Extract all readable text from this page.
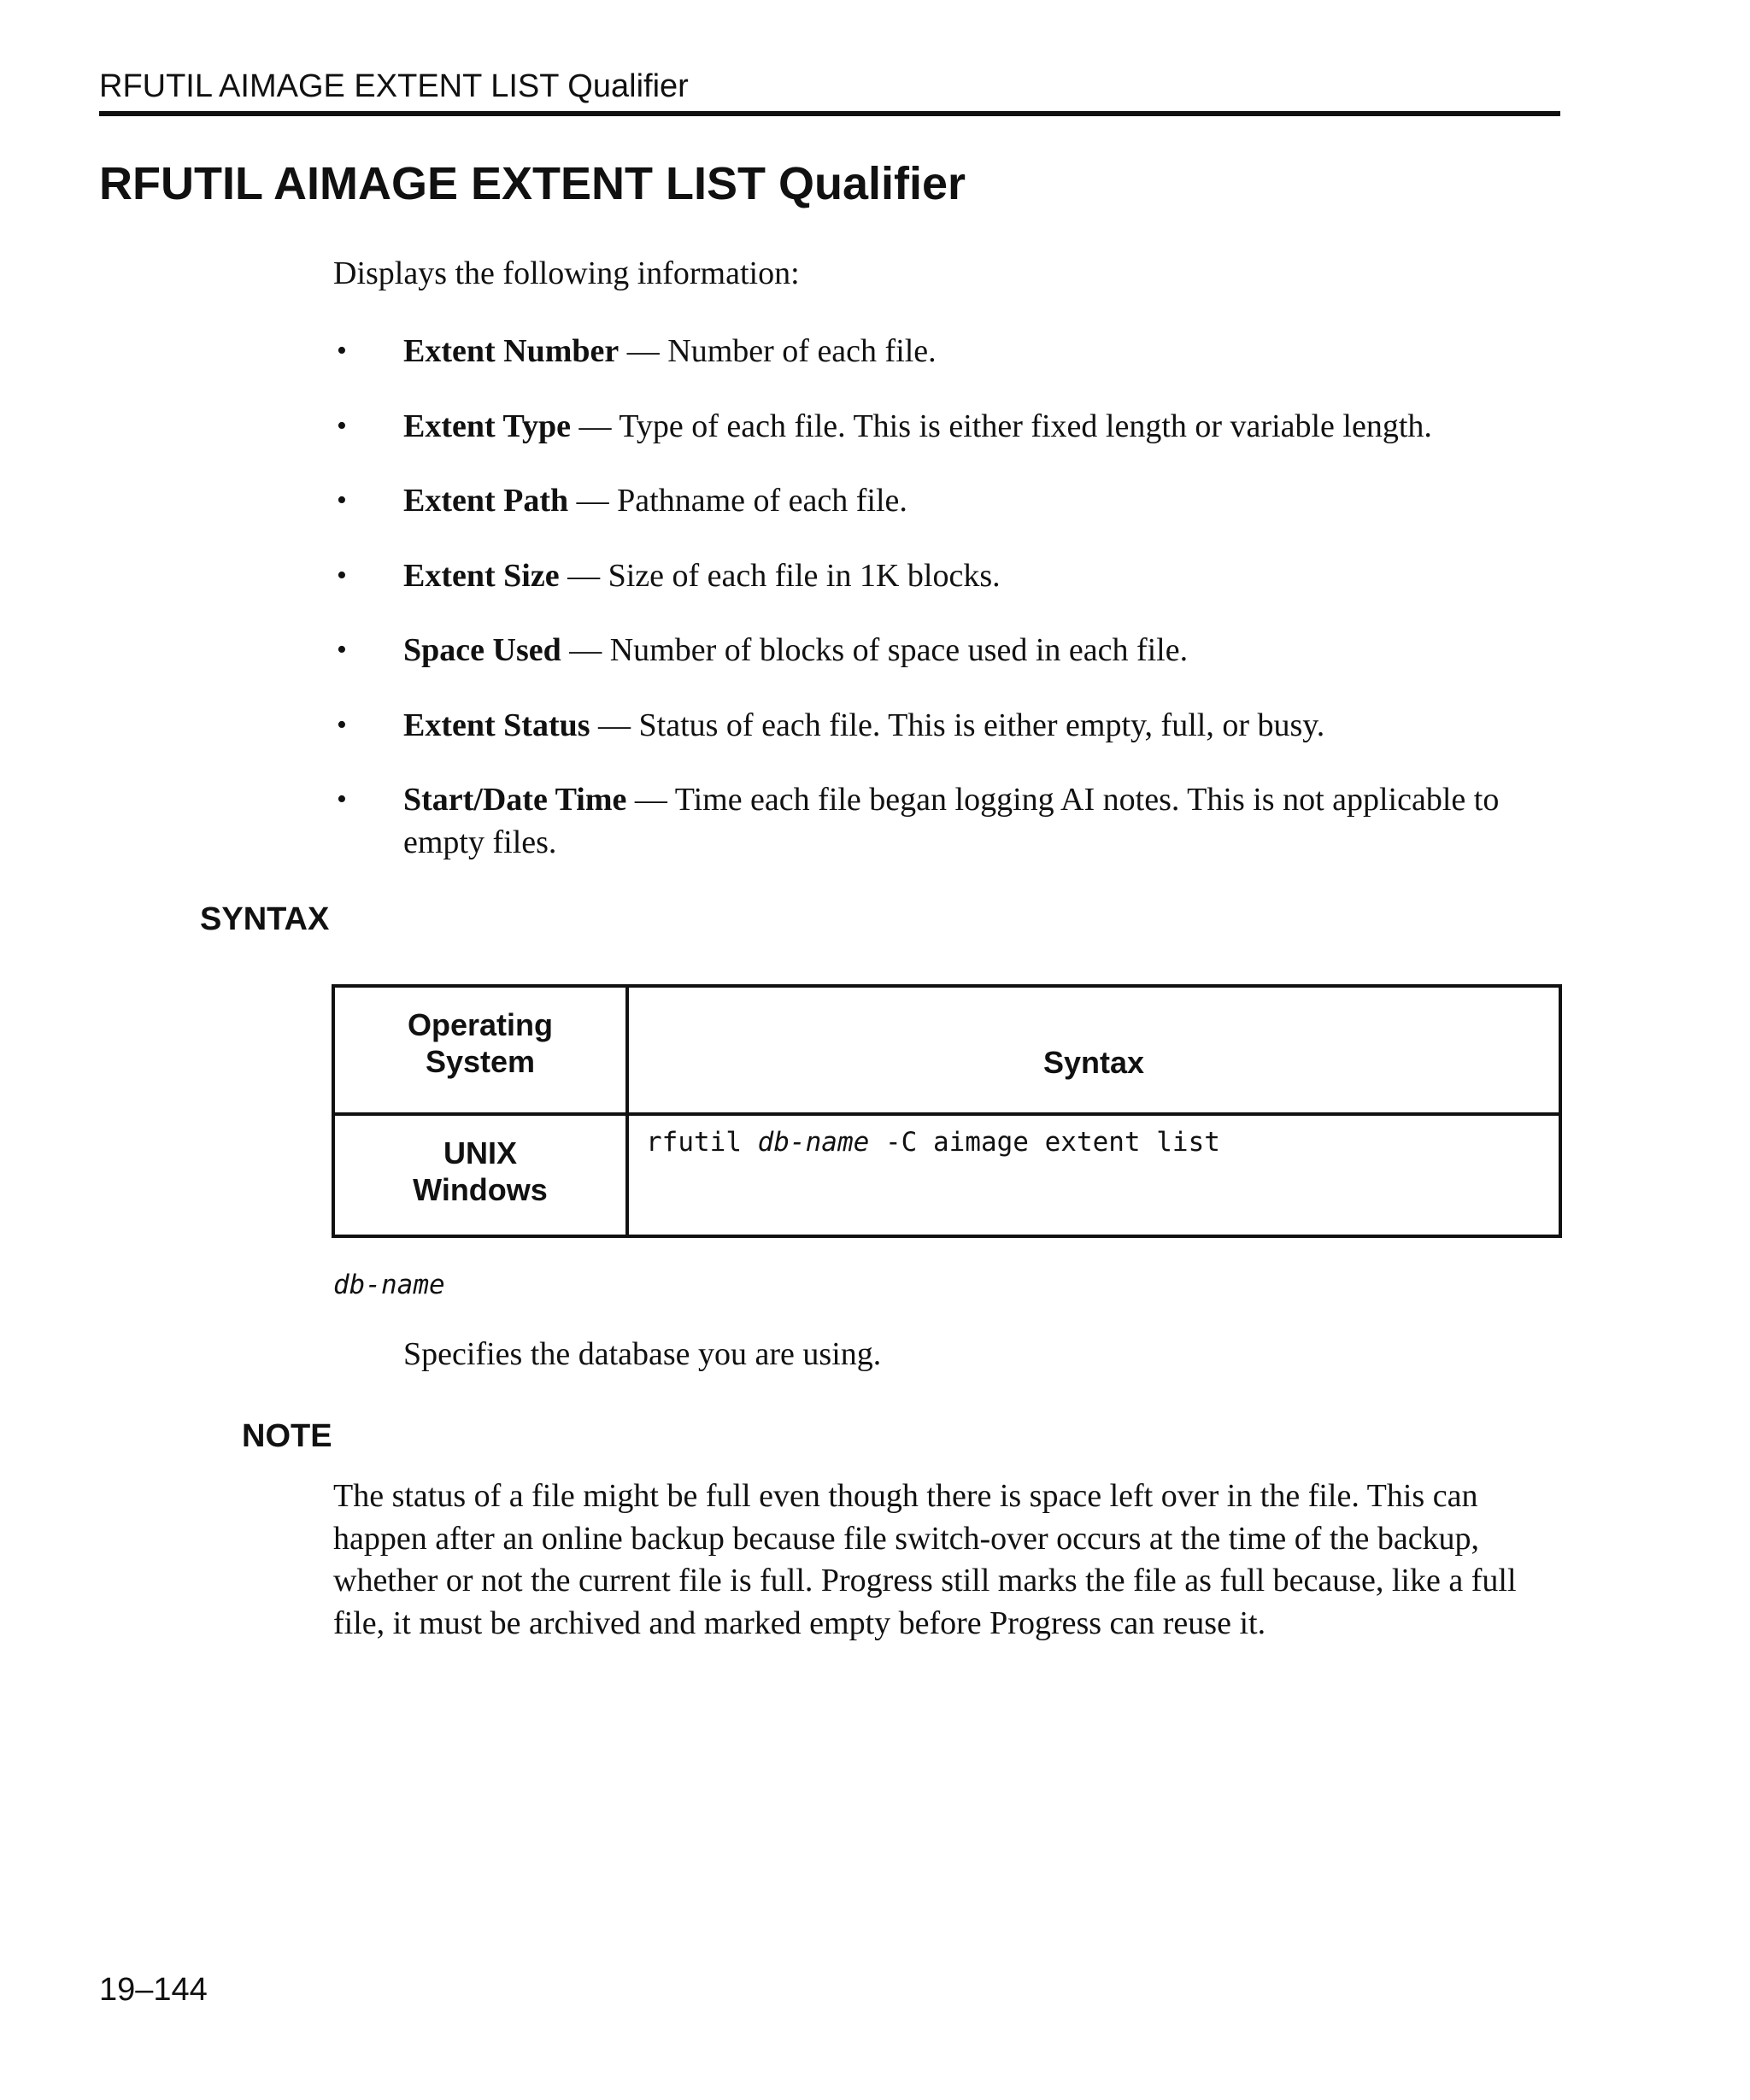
RFUTIL AIMAGE EXTENT LIST Qualifier
RFUTIL AIMAGE EXTENT LIST Qualifier
Displays the following information:
• Extent Number — Number of each file.
• Extent Type — Type of each file. This is either fixed length or variable length.
• Extent Path — Pathname of each file.
• Extent Size — Size of each file in 1K blocks.
• Space Used — Number of blocks of space used in each file.
• Extent Status — Status of each file. This is either empty, full, or busy.
• Start/Date Time — Time each file began logging AI notes. This is not applicable to empty files.
SYNTAX
Operating
System	Syntax
UNIX
Windows
rfutil db-name -C aimage extent list
db-name
Specifies the database you are using.
NOTE

The status of a file might be full even though there is space left over in the file. This can happen after an online backup because file switch-over occurs at the time of the backup, whether or not the current file is full. Progress still marks the file as full because, like a full file, it must be archived and marked empty before Progress can reuse it.

19–144
